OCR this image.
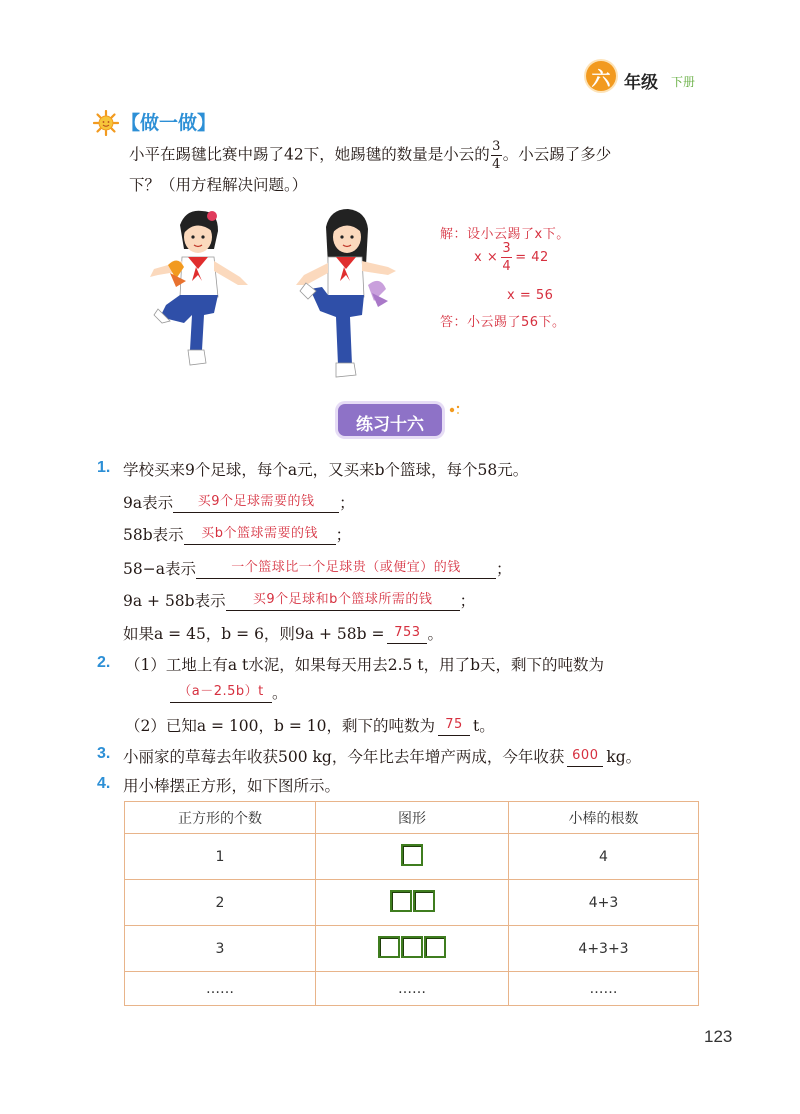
六 年级 下册
【做一做】
小平在踢毽比赛中踢了42下，她踢毽的数量是小云的 $\frac{3}{4}$ 。小云踢了多少
下？（用方程解决问题。）
解：设小云踢了x下。
$x \times \frac{3}{4} = 42$
x = 56
答：小云踢了56下。
练习十六
1. 学校买来9个足球，每个a元，又买来b个篮球，每个58元。
9a表示 买9个足球需要的钱 ；
58b表示 买b个篮球需要的钱 ；
58−a表示	一个篮球比一个足球贵（或便宜）的钱 ；
9a + 58b表示 买9个足球和b个篮球所需的钱 ；
如果a = 45，b = 6，则9a + 58b = 753 。
2. （1）工地上有a t水泥，如果每天用去2.5 t，用了b天，剩下的吨数为
（a－2.5b）t 。
（2）已知a = 100，b = 10，剩下的吨数为 75 t。
3. 小丽家的草莓去年收获500 kg，今年比去年增产两成，今年收获 600 kg。
4. 用小棒摆正方形，如下图所示。
正方形的个数	图形	小棒的根数
1		4
2		4+3
3		4+3+3
……	……	……
123
